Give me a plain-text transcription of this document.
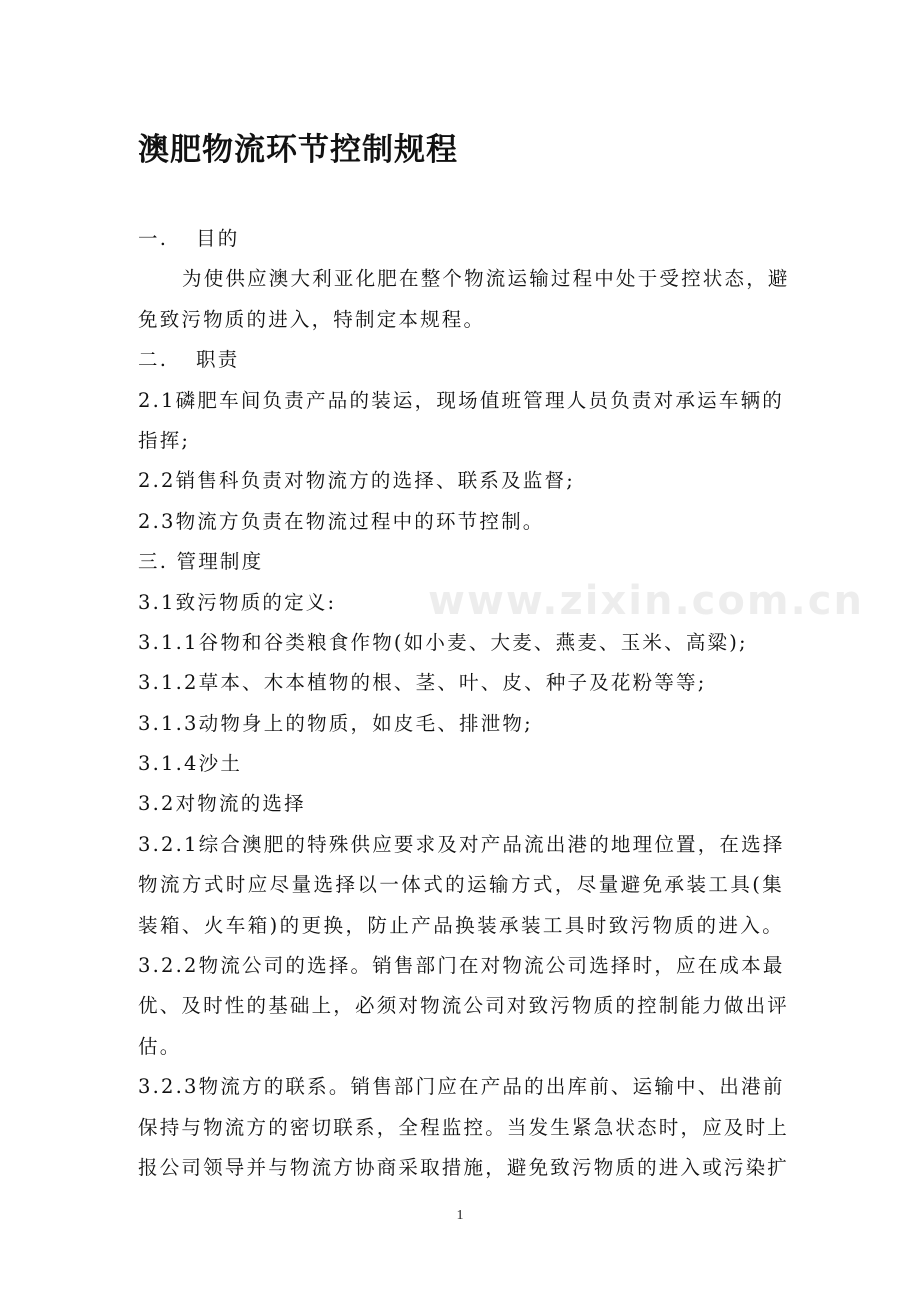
澳肥物流环节控制规程
www.zixin.com.cn
一. 目的
为使供应澳大利亚化肥在整个物流运输过程中处于受控状态，避
免致污物质的进入，特制定本规程。
二. 职责
2.1磷肥车间负责产品的装运，现场值班管理人员负责对承运车辆的
指挥;
2.2销售科负责对物流方的选择、联系及监督;
2.3物流方负责在物流过程中的环节控制。
三. 管理制度
3.1致污物质的定义:
3.1.1谷物和谷类粮食作物(如小麦、大麦、燕麦、玉米、高粱);
3.1.2草本、木本植物的根、茎、叶、皮、种子及花粉等等;
3.1.3动物身上的物质，如皮毛、排泄物;
3.1.4沙土
3.2对物流的选择
3.2.1综合澳肥的特殊供应要求及对产品流出港的地理位置，在选择
物流方式时应尽量选择以一体式的运输方式，尽量避免承装工具(集
装箱、火车箱)的更换，防止产品换装承装工具时致污物质的进入。
3.2.2物流公司的选择。销售部门在对物流公司选择时，应在成本最
优、及时性的基础上，必须对物流公司对致污物质的控制能力做出评
估。
3.2.3物流方的联系。销售部门应在产品的出库前、运输中、出港前
保持与物流方的密切联系，全程监控。当发生紧急状态时，应及时上
报公司领导并与物流方协商采取措施，避免致污物质的进入或污染扩
1
